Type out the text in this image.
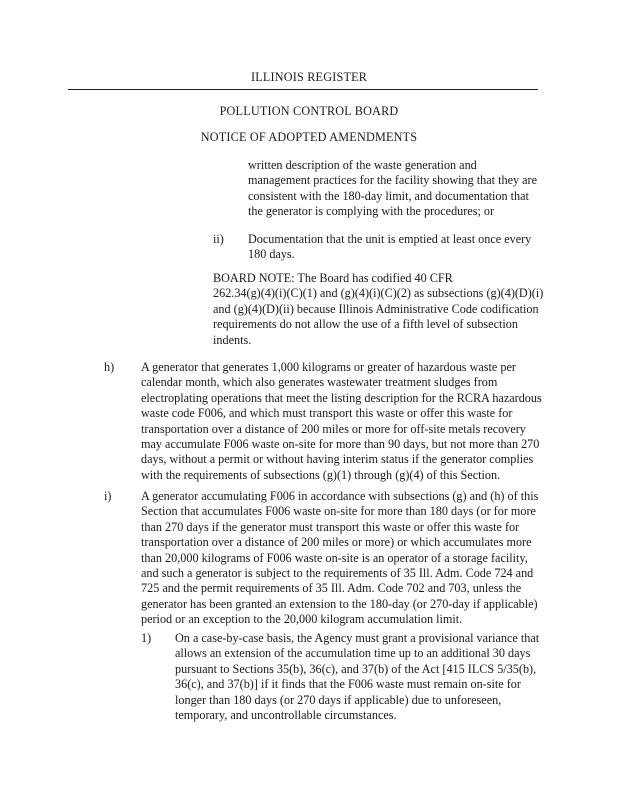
ILLINOIS REGISTER
POLLUTION CONTROL BOARD
NOTICE OF ADOPTED AMENDMENTS

written description of the waste generation and

management practices for the facility showing that they are

consistent with the 180-day limit, and documentation that

the generator is complying with the procedures; or

ii) Documentation that the unit is emptied at least once every

180 days.

BOARD NOTE: The Board has codified 40 CFR

262.34(g)(4)(i)(C)(1) and (g)(4)(i)(C)(2) as subsections (g)(4)(D)(i)

and (g)(4)(D)(ii) because Illinois Administrative Code codification

requirements do not allow the use of a fifth level of subsection

indents.

h) A generator that generates 1,000 kilograms or greater of hazardous waste per

calendar month, which also generates wastewater treatment sludges from

electroplating operations that meet the listing description for the RCRA hazardous

waste code F006, and which must transport this waste or offer this waste for

transportation over a distance of 200 miles or more for off-site metals recovery

may accumulate F006 waste on-site for more than 90 days, but not more than 270

days, without a permit or without having interim status if the generator complies

with the requirements of subsections (g)(1) through (g)(4) of this Section.

i) A generator accumulating F006 in accordance with subsections (g) and (h) of this

Section that accumulates F006 waste on-site for more than 180 days (or for more

than 270 days if the generator must transport this waste or offer this waste for

transportation over a distance of 200 miles or more) or which accumulates more

than 20,000 kilograms of F006 waste on-site is an operator of a storage facility,

and such a generator is subject to the requirements of 35 Ill. Adm. Code 724 and

725 and the permit requirements of 35 Ill. Adm. Code 702 and 703, unless the

generator has been granted an extension to the 180-day (or 270-day if applicable)

period or an exception to the 20,000 kilogram accumulation limit.

1) On a case-by-case basis, the Agency must grant a provisional variance that

allows an extension of the accumulation time up to an additional 30 days

pursuant to Sections 35(b), 36(c), and 37(b) of the Act [415 ILCS 5/35(b),

36(c), and 37(b)] if it finds that the F006 waste must remain on-site for

longer than 180 days (or 270 days if applicable) due to unforeseen,

temporary, and uncontrollable circumstances.
